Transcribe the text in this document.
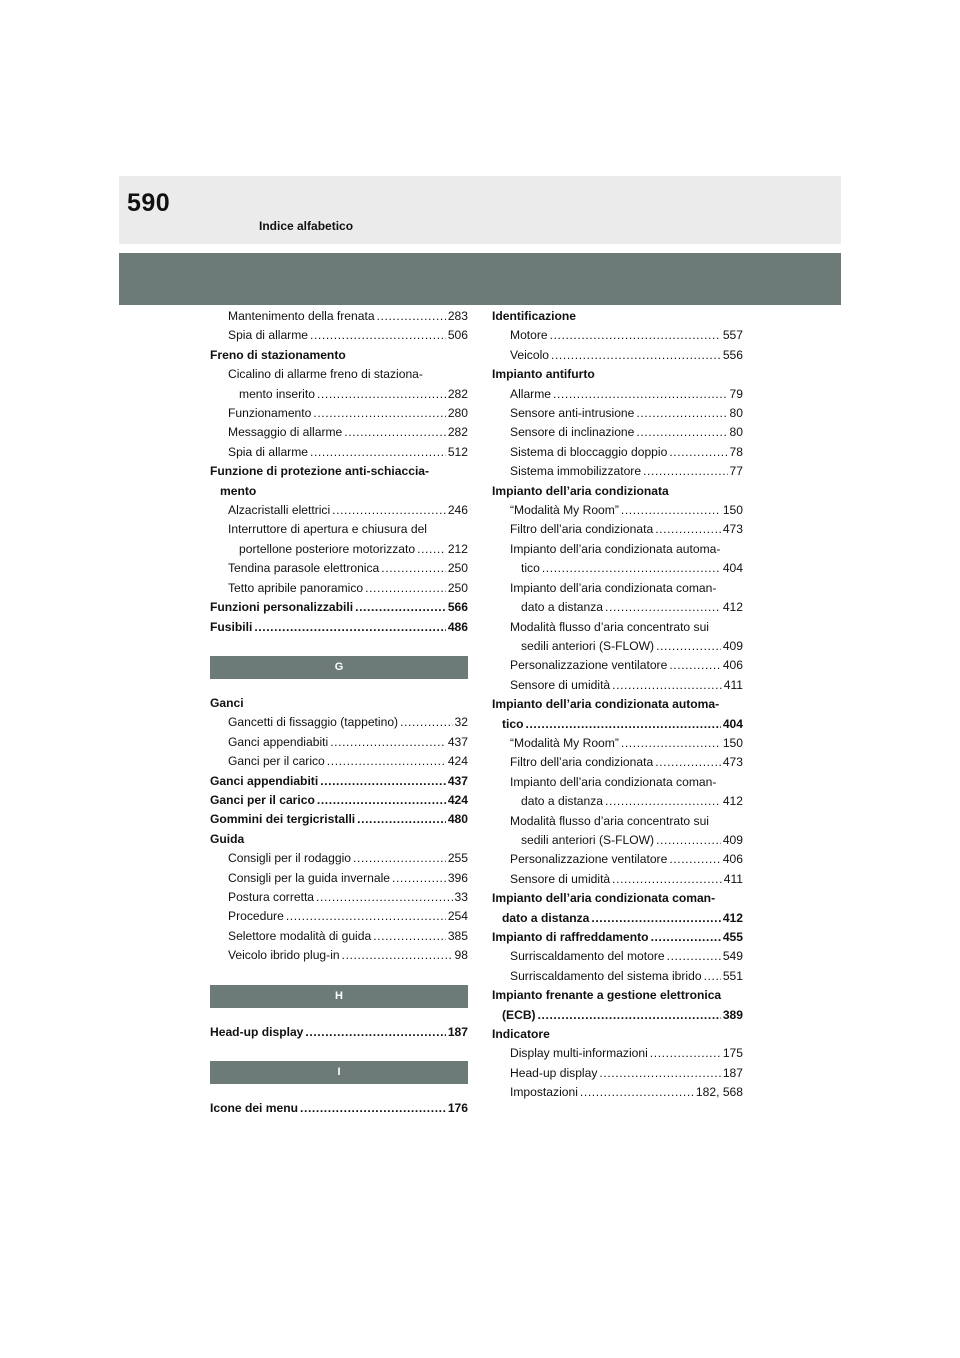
590
Indice alfabetico
Mantenimento della frenata .....	283
Spia di allarme .....	506
Freno di stazionamento
Cicalino di allarme freno di staziona-
mento inserito .....	282
Funzionamento .....	280
Messaggio di allarme .....	282
Spia di allarme .....	512
Funzione di protezione anti-schiaccia-
mento
Alzacristalli elettrici .....	246
Interruttore di apertura e chiusura del
portellone posteriore motorizzato .....	212
Tendina parasole elettronica .....	250
Tetto apribile panoramico .....	250
Funzioni personalizzabili .....	566
Fusibili .....	486
G
Ganci
Gancetti di fissaggio (tappetino) .....	32
Ganci appendiabiti .....	437
Ganci per il carico .....	424
Ganci appendiabiti .....	437
Ganci per il carico .....	424
Gommini dei tergicristalli .....	480
Guida
Consigli per il rodaggio .....	255
Consigli per la guida invernale .....	396
Postura corretta .....	33
Procedure .....	254
Selettore modalità di guida .....	385
Veicolo ibrido plug-in .....	98
H
Head-up display .....	187
I
Icone dei menu .....	176
Identificazione
Motore .....	557
Veicolo .....	556
Impianto antifurto
Allarme .....	79
Sensore anti-intrusione .....	80
Sensore di inclinazione .....	80
Sistema di bloccaggio doppio .....	78
Sistema immobilizzatore .....	77
Impianto dell’aria condizionata
“Modalità My Room” .....	150
Filtro dell’aria condizionata .....	473
Impianto dell’aria condizionata automa-
tico .....	404
Impianto dell’aria condizionata coman-
dato a distanza .....	412
Modalità flusso d’aria concentrato sui
sedili anteriori (S-FLOW) .....	409
Personalizzazione ventilatore .....	406
Sensore di umidità .....	411
Impianto dell’aria condizionata automa-
tico .....	404
“Modalità My Room” .....	150
Filtro dell’aria condizionata .....	473
Impianto dell’aria condizionata coman-
dato a distanza .....	412
Modalità flusso d’aria concentrato sui
sedili anteriori (S-FLOW) .....	409
Personalizzazione ventilatore .....	406
Sensore di umidità .....	411
Impianto dell’aria condizionata coman-
dato a distanza .....	412
Impianto di raffreddamento .....	455
Surriscaldamento del motore .....	549
Surriscaldamento del sistema ibrido ..... 551
Impianto frenante a gestione elettronica
(ECB) .....	389
Indicatore
Display multi-informazioni .....	175
Head-up display .....	187
Impostazioni .....	182, 568
